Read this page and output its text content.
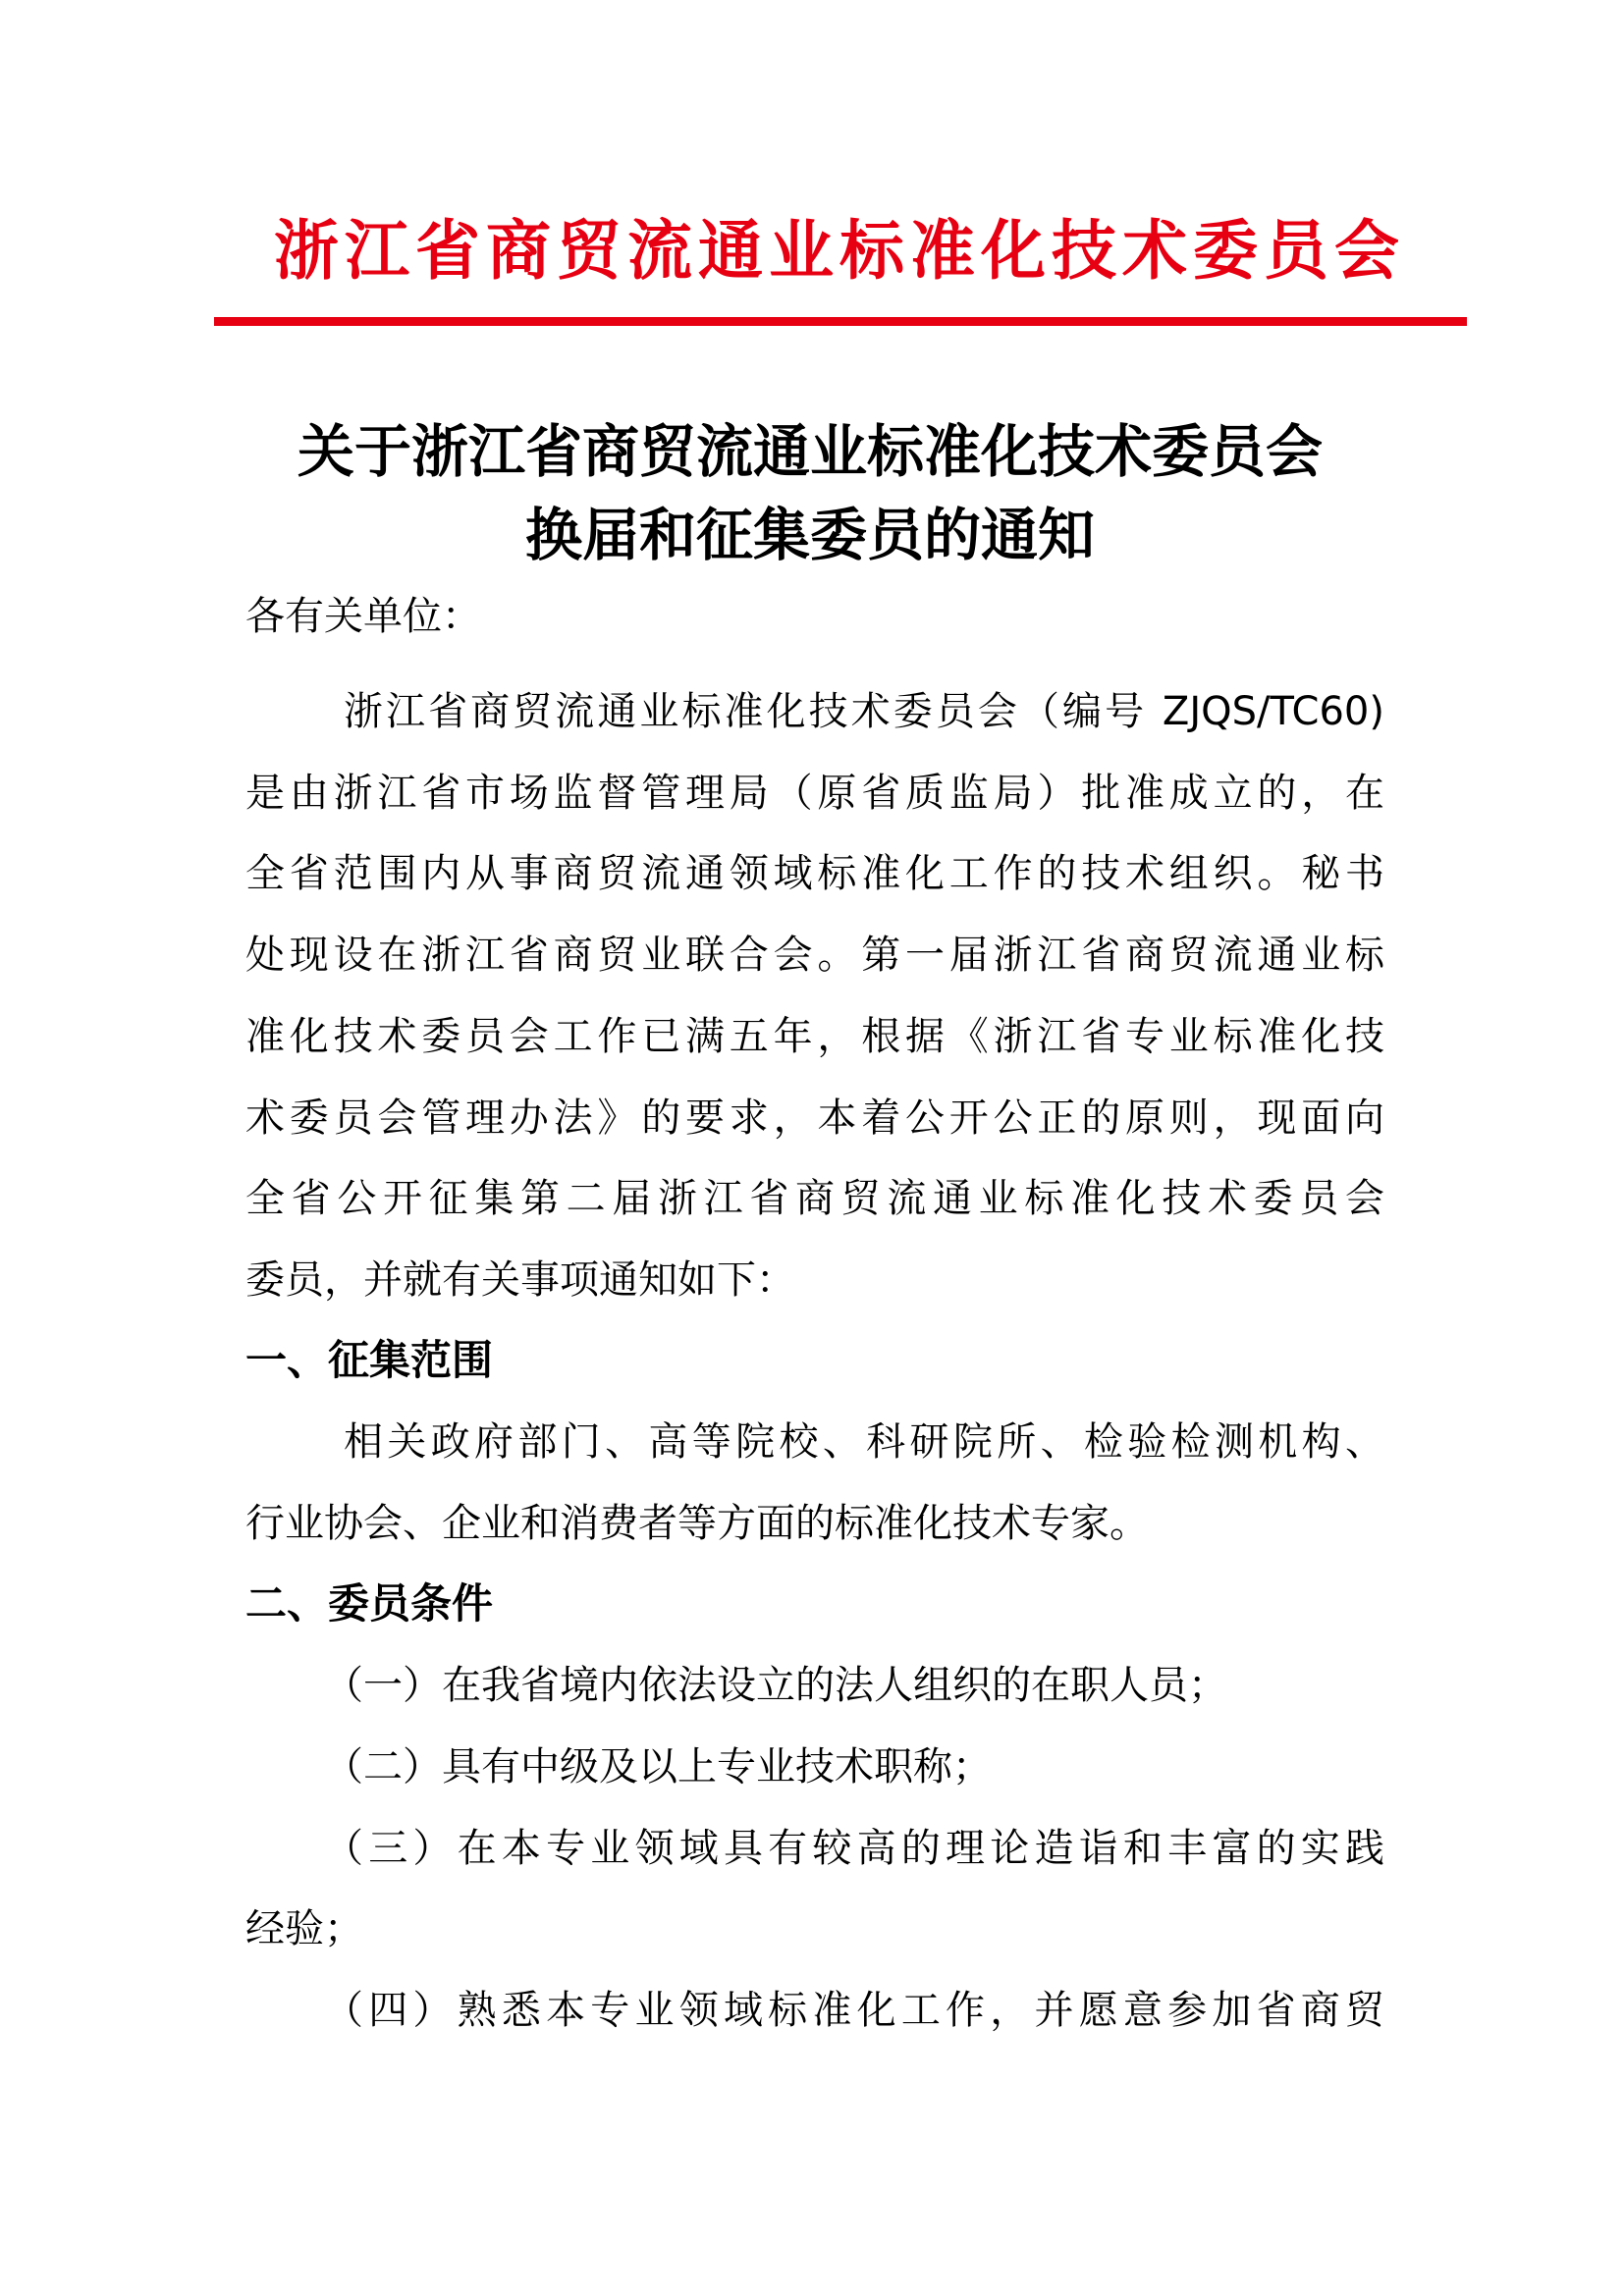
浙江省商贸流通业标准化技术委员会
关于浙江省商贸流通业标准化技术委员会
换届和征集委员的通知
各有关单位：
浙江省商贸流通业标准化技术委员会（编号 ZJQS/TC60)
是由浙江省市场监督管理局（原省质监局）批准成立的，在
全省范围内从事商贸流通领域标准化工作的技术组织。秘书
处现设在浙江省商贸业联合会。第一届浙江省商贸流通业标
准化技术委员会工作已满五年，根据《浙江省专业标准化技
术委员会管理办法》的要求，本着公开公正的原则，现面向
全省公开征集第二届浙江省商贸流通业标准化技术委员会
委员，并就有关事项通知如下：
一、征集范围
相关政府部门、高等院校、科研院所、检验检测机构、
行业协会、企业和消费者等方面的标准化技术专家。
二、委员条件
（一）在我省境内依法设立的法人组织的在职人员；
（二）具有中级及以上专业技术职称；
（三）在本专业领域具有较高的理论造诣和丰富的实践
经验；
（四）熟悉本专业领域标准化工作，并愿意参加省商贸
